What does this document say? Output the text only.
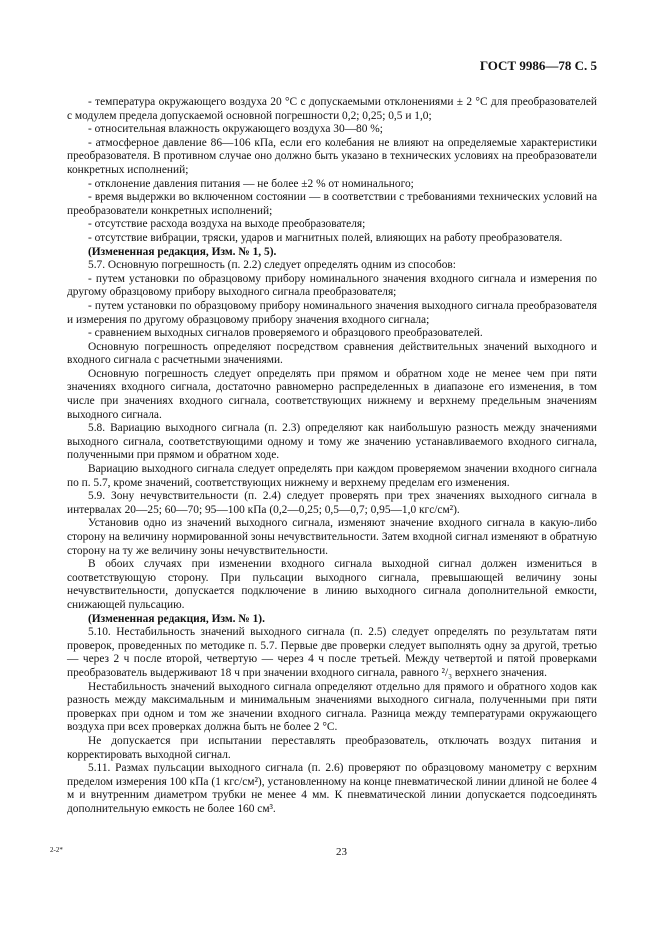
ГОСТ 9986—78 С. 5

- температура окружающего воздуха 20 °С с допускаемыми отклонениями ± 2 °С для преобразователей с модулем предела допускаемой основной погрешности 0,2; 0,25; 0,5 и 1,0;

- относительная влажность окружающего воздуха 30—80 %;

- атмосферное давление 86—106 кПа, если его колебания не влияют на определяемые характеристики преобразователя. В противном случае оно должно быть указано в технических условиях на преобразователи конкретных исполнений;

- отклонение давления питания — не более ±2 % от номинального;

- время выдержки во включенном состоянии — в соответствии с требованиями технических условий на преобразователи конкретных исполнений;

- отсутствие расхода воздуха на выходе преобразователя;

- отсутствие вибрации, тряски, ударов и магнитных полей, влияющих на работу преобразователя.

(Измененная редакция, Изм. № 1, 5).

5.7. Основную погрешность (п. 2.2) следует определять одним из способов:

- путем установки по образцовому прибору номинального значения входного сигнала и измерения по другому образцовому прибору выходного сигнала преобразователя;

- путем установки по образцовому прибору номинального значения выходного сигнала преобразователя и измерения по другому образцовому прибору значения входного сигнала;

- сравнением выходных сигналов проверяемого и образцового преобразователей.

Основную погрешность определяют посредством сравнения действительных значений выходного и входного сигнала с расчетными значениями.

Основную погрешность следует определять при прямом и обратном ходе не менее чем при пяти значениях входного сигнала, достаточно равномерно распределенных в диапазоне его изменения, в том числе при значениях входного сигнала, соответствующих нижнему и верхнему предельным значениям выходного сигнала.

5.8. Вариацию выходного сигнала (п. 2.3) определяют как наибольшую разность между значениями выходного сигнала, соответствующими одному и тому же значению устанавливаемого входного сигнала, полученными при прямом и обратном ходе.

Вариацию выходного сигнала следует определять при каждом проверяемом значении входного сигнала по п. 5.7, кроме значений, соответствующих нижнему и верхнему пределам его изменения.

5.9. Зону нечувствительности (п. 2.4) следует проверять при трех значениях выходного сигнала в интервалах 20—25; 60—70; 95—100 кПа (0,2—0,25; 0,5—0,7; 0,95—1,0 кгс/см²).

Установив одно из значений выходного сигнала, изменяют значение входного сигнала в какую-либо сторону на величину нормированной зоны нечувствительности. Затем входной сигнал изменяют в обратную сторону на ту же величину зоны нечувствительности.

В обоих случаях при изменении входного сигнала выходной сигнал должен измениться в соответствующую сторону. При пульсации выходного сигнала, превышающей величину зоны нечувствительности, допускается подключение в линию выходного сигнала дополнительной емкости, снижающей пульсацию.

(Измененная редакция, Изм. № 1).

5.10. Нестабильность значений выходного сигнала (п. 2.5) следует определять по результатам пяти проверок, проведенных по методике п. 5.7. Первые две проверки следует выполнять одну за другой, третью — через 2 ч после второй, четвертую — через 4 ч после третьей. Между четвертой и пятой проверками преобразователь выдерживают 18 ч при значении входного сигнала, равного ²/₃ верхнего значения.

Нестабильность значений выходного сигнала определяют отдельно для прямого и обратного ходов как разность между максимальным и минимальным значениями выходного сигнала, полученными при пяти проверках при одном и том же значении входного сигнала. Разница между температурами окружающего воздуха при всех проверках должна быть не более 2 °С.

Не допускается при испытании переставлять преобразователь, отключать воздух питания и корректировать выходной сигнал.

5.11. Размах пульсации выходного сигнала (п. 2.6) проверяют по образцовому манометру с верхним пределом измерения 100 кПа (1 кгс/см²), установленному на конце пневматической линии длиной не более 4 м и внутренним диаметром трубки не менее 4 мм. К пневматической линии допускается подсоединять дополнительную емкость не более 160 см³.

2-2*	23
